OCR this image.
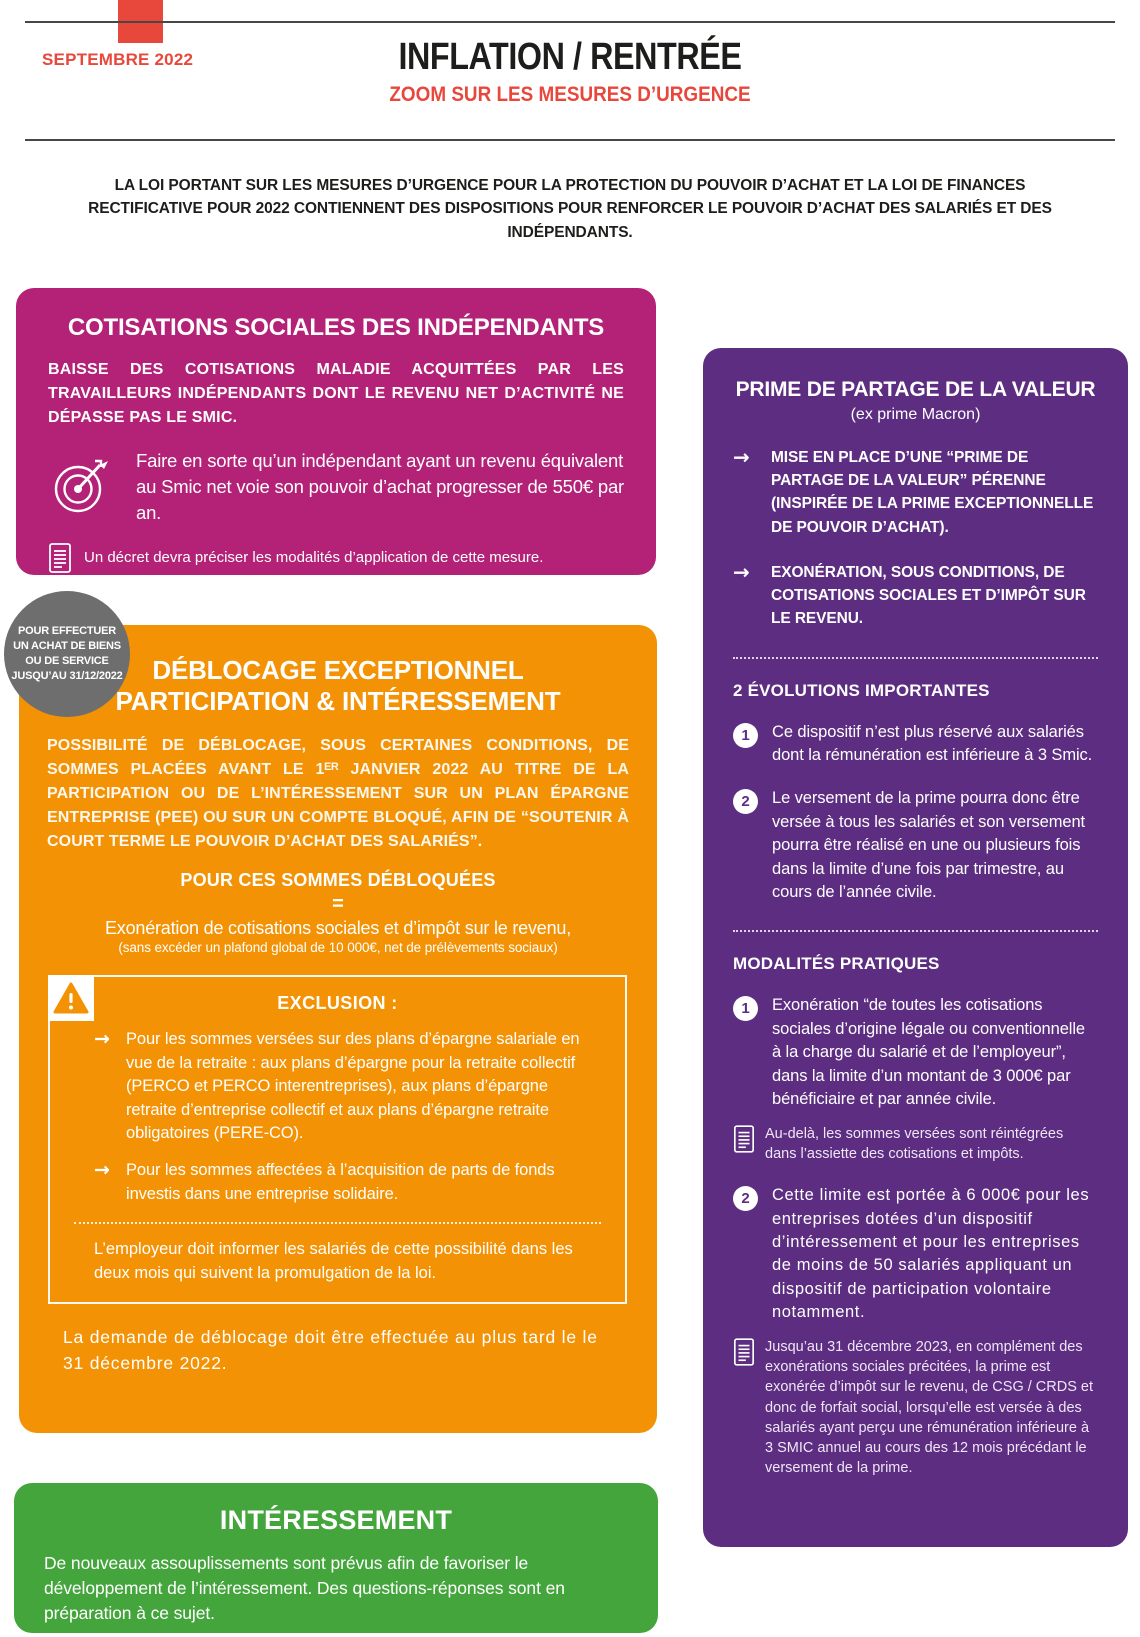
SEPTEMBRE 2022	INFLATION / RENTRÉE
ZOOM SUR LES MESURES D’URGENCE

LA LOI PORTANT SUR LES MESURES D’URGENCE POUR LA PROTECTION DU POUVOIR D’ACHAT ET LA LOI DE FINANCES RECTIFICATIVE POUR 2022 CONTIENNENT DES DISPOSITIONS POUR RENFORCER LE POUVOIR D’ACHAT DES SALARIÉS ET DES INDÉPENDANTS.

COTISATIONS SOCIALES DES INDÉPENDANTS

BAISSE DES COTISATIONS MALADIE ACQUITTÉES PAR LES TRAVAILLEURS INDÉPENDANTS DONT LE REVENU NET D’ACTIVITÉ NE DÉPASSE PAS LE SMIC.

Faire en sorte qu’un indépendant ayant un revenu équivalent au Smic net voie son pouvoir d’achat progresser de 550€ par an.

Un décret devra préciser les modalités d’application de cette mesure.

POUR EFFECTUER
UN ACHAT DE BIENS
OU DE SERVICE
JUSQU’AU 31/12/2022	DÉBLOCAGE EXCEPTIONNEL
PARTICIPATION & INTÉRESSEMENT

POSSIBILITÉ DE DÉBLOCAGE, SOUS CERTAINES CONDITIONS, DE SOMMES PLACÉES AVANT LE 1ᴱᴿ JANVIER 2022 AU TITRE DE LA PARTICIPATION OU DE L’INTÉRESSEMENT SUR UN PLAN ÉPARGNE ENTREPRISE (PEE) OU SUR UN COMPTE BLOQUÉ, AFIN DE “SOUTENIR À COURT TERME LE POUVOIR D’ACHAT DES SALARIÉS”.

POUR CES SOMMES DÉBLOQUÉES
=
Exonération de cotisations sociales et d’impôt sur le revenu,
(sans excéder un plafond global de 10 000€, net de prélèvements sociaux)
EXCLUSION :
→ Pour les sommes versées sur des plans d’épargne salariale en vue de la retraite : aux plans d’épargne pour la retraite collectif (PERCO et PERCO interentreprises), aux plans d’épargne retraite d’entreprise collectif et aux plans d’épargne retraite obligatoires (PERE-CO).

→ Pour les sommes affectées à l’acquisition de parts de fonds investis dans une entreprise solidaire.

L’employeur doit informer les salariés de cette possibilité dans les deux mois qui suivent la promulgation de la loi.

La demande de déblocage doit être effectuée au plus tard le le 31 décembre 2022.

INTÉRESSEMENT

De nouveaux assouplissements sont prévus afin de favoriser le développement de l’intéressement. Des questions-réponses sont en préparation à ce sujet.

PRIME DE PARTAGE DE LA VALEUR
(ex prime Macron)
→	MISE EN PLACE D’UNE “PRIME DE PARTAGE DE LA VALEUR” PÉRENNE (INSPIRÉE DE LA PRIME EXCEPTIONNELLE DE POUVOIR D’ACHAT).

→	EXONÉRATION, SOUS CONDITIONS, DE COTISATIONS SOCIALES ET D’IMPÔT SUR LE REVENU.

2 ÉVOLUTIONS IMPORTANTES
1	Ce dispositif n’est plus réservé aux salariés dont la rémunération est inférieure à 3 Smic.

2	Le versement de la prime pourra donc être versée à tous les salariés et son versement pourra être réalisé en une ou plusieurs fois dans la limite d’une fois par trimestre, au cours de l’année civile.

MODALITÉS PRATIQUES
1	Exonération “de toutes les cotisations sociales d’origine légale ou conventionnelle à la charge du salarié et de l’employeur”, dans la limite d’un montant de 3 000€ par bénéficiaire et par année civile.

Au-delà, les sommes versées sont réintégrées dans l’assiette des cotisations et impôts.

2	Cette limite est portée à 6 000€ pour les entreprises dotées d’un dispositif d’intéressement et pour les entreprises de moins de 50 salariés appliquant un dispositif de participation volontaire notamment.

Jusqu’au 31 décembre 2023, en complément des exonérations sociales précitées, la prime est exonérée d’impôt sur le revenu, de CSG / CRDS et donc de forfait social, lorsqu’elle est versée à des salariés ayant perçu une rémunération inférieure à 3 SMIC annuel au cours des 12 mois précédant le versement de la prime.
